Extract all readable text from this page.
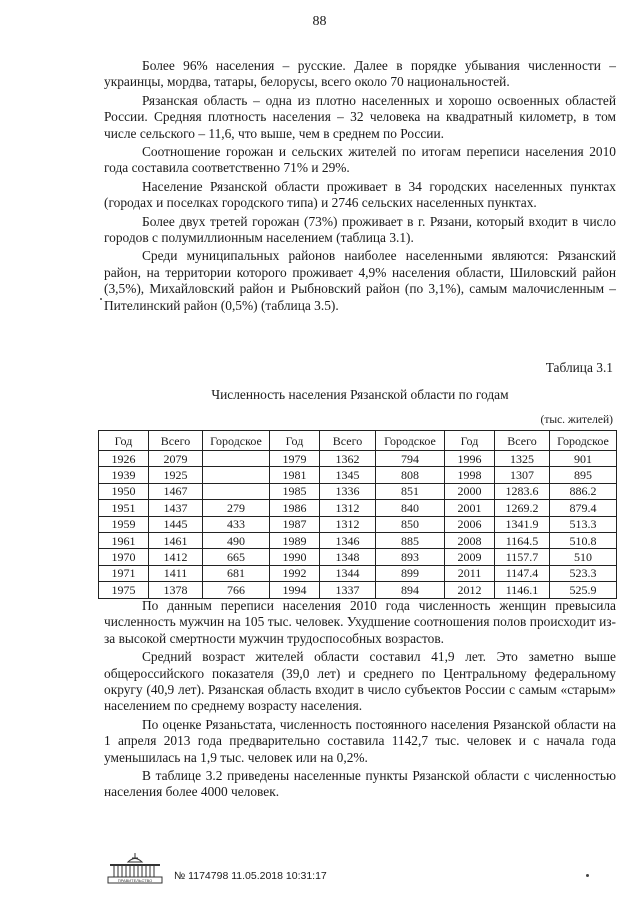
88

Более 96% населения – русские. Далее в порядке убывания численности – украинцы, мордва, татары, белорусы, всего около 70 национальностей.

Рязанская область – одна из плотно населенных и хорошо освоенных областей России. Средняя плотность населения – 32 человека на квадратный километр, в том числе сельского – 11,6, что выше, чем в среднем по России.

Соотношение горожан и сельских жителей по итогам переписи населения 2010 года составила соответственно 71% и 29%.

Население Рязанской области проживает в 34 городских населенных пунктах (городах и поселках городского типа) и 2746 сельских населенных пунктах.

Более двух третей горожан (73%) проживает в г. Рязани, который входит в число городов с полумиллионным населением (таблица 3.1).

Среди муниципальных районов наиболее населенными являются: Рязанский район, на территории которого проживает 4,9% населения области, Шиловский район (3,5%), Михайловский район и Рыбновский район (по 3,1%), самым малочисленным – Пителинский район (0,5%) (таблица 3.5).

Таблица 3.1
Численность населения Рязанской области по годам
(тыс. жителей)
Год	Всего	Городское	Год	Всего	Городское	Год	Всего	Городское
1926	2079		1979	1362	794	1996	1325	901
1939	1925		1981	1345	808	1998	1307	895
1950	1467		1985	1336	851	2000	1283.6	886.2
1951	1437	279	1986	1312	840	2001	1269.2	879.4
1959	1445	433	1987	1312	850	2006	1341.9	513.3
1961	1461	490	1989	1346	885	2008	1164.5	510.8
1970	1412	665	1990	1348	893	2009	1157.7	510
1971	1411	681	1992	1344	899	2011	1147.4	523.3
1975	1378	766	1994	1337	894	2012	1146.1	525.9

По данным переписи населения 2010 года численность женщин превысила численность мужчин на 105 тыс. человек. Ухудшение соотношения полов происходит из-за высокой смертности мужчин трудоспособных возрастов.

Средний возраст жителей области составил 41,9 лет. Это заметно выше общероссийского показателя (39,0 лет) и среднего по Центральному федеральному округу (40,9 лет). Рязанская область входит в число субъектов России с самым «старым» населением по среднему возрасту населения.

По оценке Рязаньстата, численность постоянного населения Рязанской области на 1 апреля 2013 года предварительно составила 1142,7 тыс. человек и с начала года уменьшилась на 1,9 тыс. человек или на 0,2%.

В таблице 3.2 приведены населенные пункты Рязанской области с численностью населения более 4000 человек.

ПРАВИТЕЛЬСТВО № 1174798 11.05.2018 10:31:17
